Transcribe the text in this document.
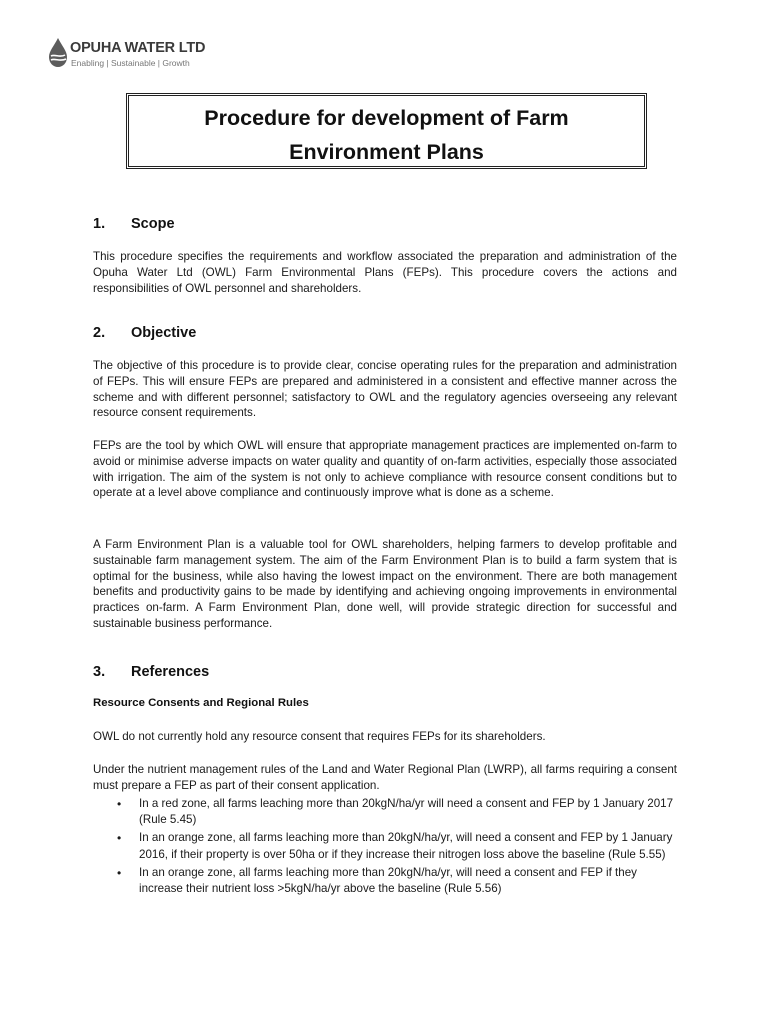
OPUHA WATER LTD
Enabling | Sustainable | Growth
Procedure for development of Farm
Environment Plans
1. Scope

This procedure specifies the requirements and workflow associated the preparation and administration of the Opuha Water Ltd (OWL) Farm Environmental Plans (FEPs). This procedure covers the actions and responsibilities of OWL personnel and shareholders.

2. Objective

The objective of this procedure is to provide clear, concise operating rules for the preparation and administration of FEPs. This will ensure FEPs are prepared and administered in a consistent and effective manner across the scheme and with different personnel; satisfactory to OWL and the regulatory agencies overseeing any relevant resource consent requirements.

FEPs are the tool by which OWL will ensure that appropriate management practices are implemented on-farm to avoid or minimise adverse impacts on water quality and quantity of on-farm activities, especially those associated with irrigation. The aim of the system is not only to achieve compliance with resource consent conditions but to operate at a level above compliance and continuously improve what is done as a scheme.

A Farm Environment Plan is a valuable tool for OWL shareholders, helping farmers to develop profitable and sustainable farm management system. The aim of the Farm Environment Plan is to build a farm system that is optimal for the business, while also having the lowest impact on the environment. There are both management benefits and productivity gains to be made by identifying and achieving ongoing improvements in environmental practices on-farm. A Farm Environment Plan, done well, will provide strategic direction for successful and sustainable business performance.

3. References
Resource Consents and Regional Rules

OWL do not currently hold any resource consent that requires FEPs for its shareholders.

Under the nutrient management rules of the Land and Water Regional Plan (LWRP), all farms requiring a consent must prepare a FEP as part of their consent application.

• In a red zone, all farms leaching more than 20kgN/ha/yr will need a consent and FEP by 1 January 2017 (Rule 5.45)
• In an orange zone, all farms leaching more than 20kgN/ha/yr, will need a consent and FEP by 1 January 2016, if their property is over 50ha or if they increase their nitrogen loss above the baseline (Rule 5.55)
• In an orange zone, all farms leaching more than 20kgN/ha/yr, will need a consent and FEP if they increase their nutrient loss >5kgN/ha/yr above the baseline (Rule 5.56)
